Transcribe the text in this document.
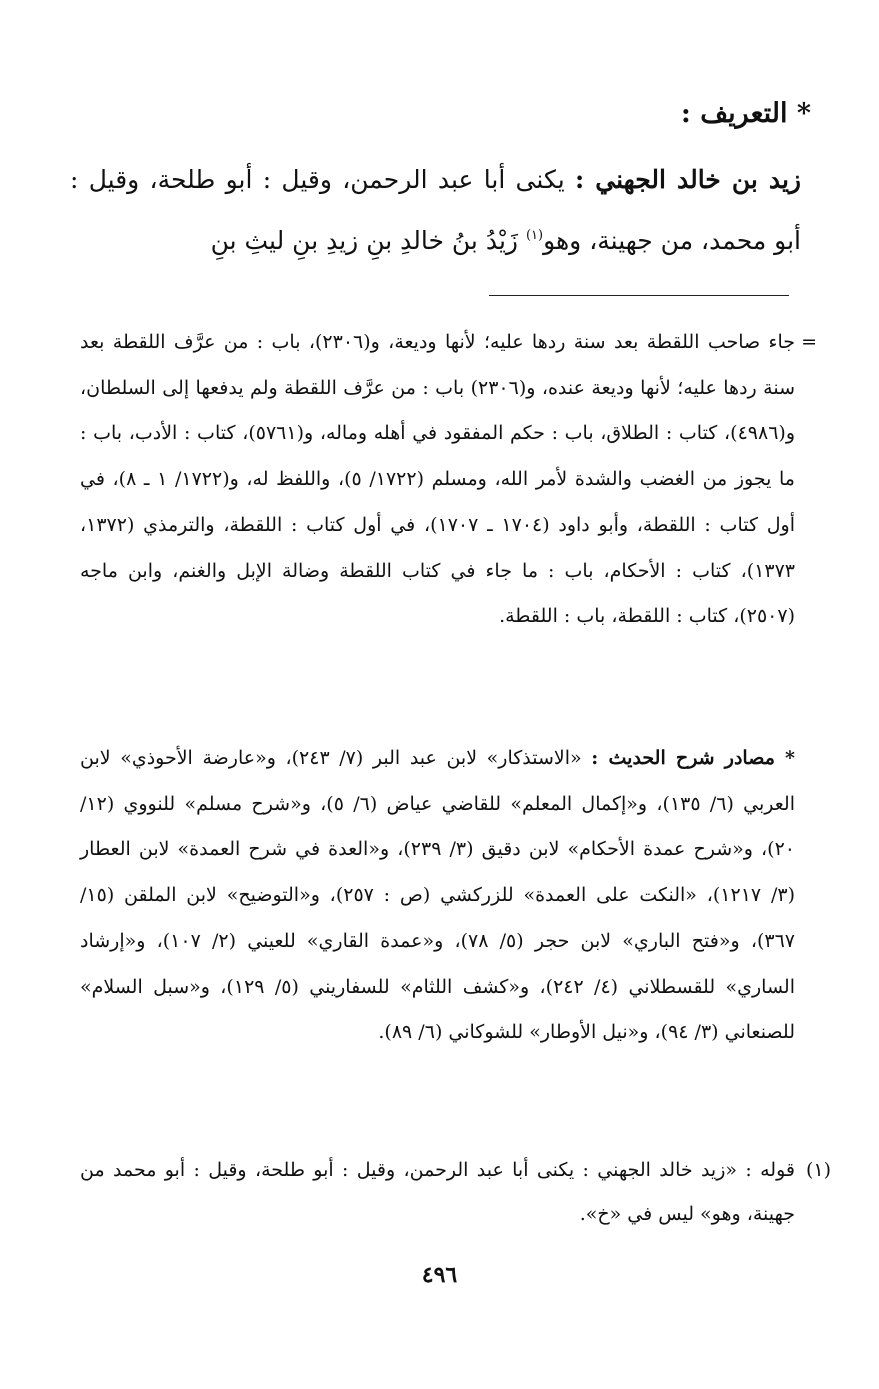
* التعريف :
زيد بن خالد الجهني : يكنى أبا عبد الرحمن، وقيل : أبو طلحة، وقيل : أبو محمد، من جهينة، وهو$^{(١)}$ زَيْدُ بنُ خالدِ بنِ زيدِ بنِ ليثِ بنِ
=
جاء صاحب اللقطة بعد سنة ردها عليه؛ لأنها وديعة، و(٢٣٠٦)، باب : من عرَّف اللقطة بعد سنة ردها عليه؛ لأنها وديعة عنده، و(٢٣٠٦) باب : من عرَّف اللقطة ولم يدفعها إلى السلطان، و(٤٩٨٦)، كتاب : الطلاق، باب : حكم المفقود في أهله وماله، و(٥٧٦١)، كتاب : الأدب، باب : ما يجوز من الغضب والشدة لأمر الله، ومسلم (١٧٢٢/ ٥)، واللفظ له، و(١٧٢٢/ ١ ـ ٨)، في أول كتاب : اللقطة، وأبو داود (١٧٠٤ ـ ١٧٠٧)، في أول كتاب : اللقطة، والترمذي (١٣٧٢، ١٣٧٣)، كتاب : الأحكام، باب : ما جاء في كتاب اللقطة وضالة الإبل والغنم، وابن ماجه (٢٥٠٧)، كتاب : اللقطة، باب : اللقطة.
* مصادر شرح الحديث : «الاستذكار» لابن عبد البر (٧/ ٢٤٣)، و«عارضة الأحوذي» لابن العربي (٦/ ١٣٥)، و«إكمال المعلم» للقاضي عياض (٦/ ٥)، و«شرح مسلم» للنووي (١٢/ ٢٠)، و«شرح عمدة الأحكام» لابن دقيق (٣/ ٢٣٩)، و«العدة في شرح العمدة» لابن العطار (٣/ ١٢١٧)، «النكت على العمدة» للزركشي (ص : ٢٥٧)، و«التوضيح» لابن الملقن (١٥/ ٣٦٧)، و«فتح الباري» لابن حجر (٥/ ٧٨)، و«عمدة القاري» للعيني (٢/ ١٠٧)، و«إرشاد الساري» للقسطلاني (٤/ ٢٤٢)، و«كشف اللثام» للسفاريني (٥/ ١٢٩)، و«سبل السلام» للصنعاني (٣/ ٩٤)، و«نيل الأوطار» للشوكاني (٦/ ٨٩).
(١)
قوله : «زيد خالد الجهني : يكنى أبا عبد الرحمن، وقيل : أبو طلحة، وقيل : أبو محمد من جهينة، وهو» ليس في «خ».
٤٩٦
